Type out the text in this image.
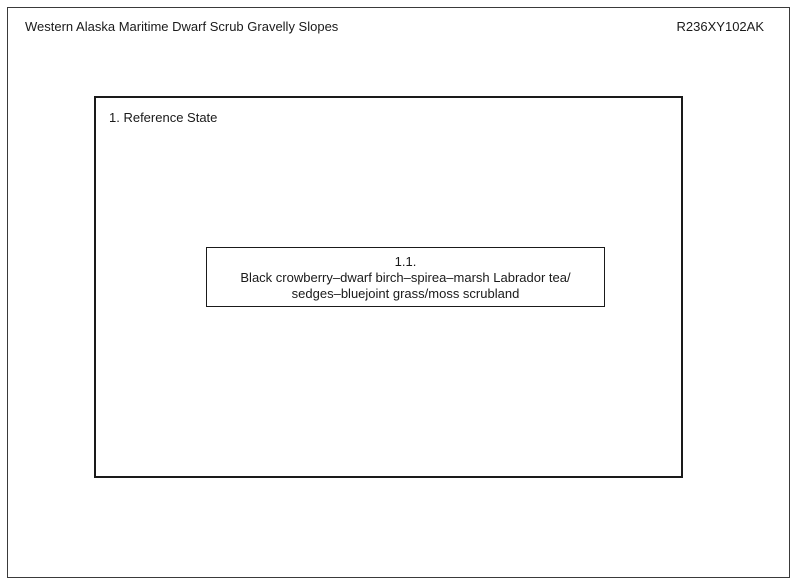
Western Alaska Maritime Dwarf Scrub Gravelly Slopes	R236XY102AK
1. Reference State
1.1.
Black crowberry–dwarf birch–spirea–marsh Labrador tea/
sedges–bluejoint grass/moss scrubland
